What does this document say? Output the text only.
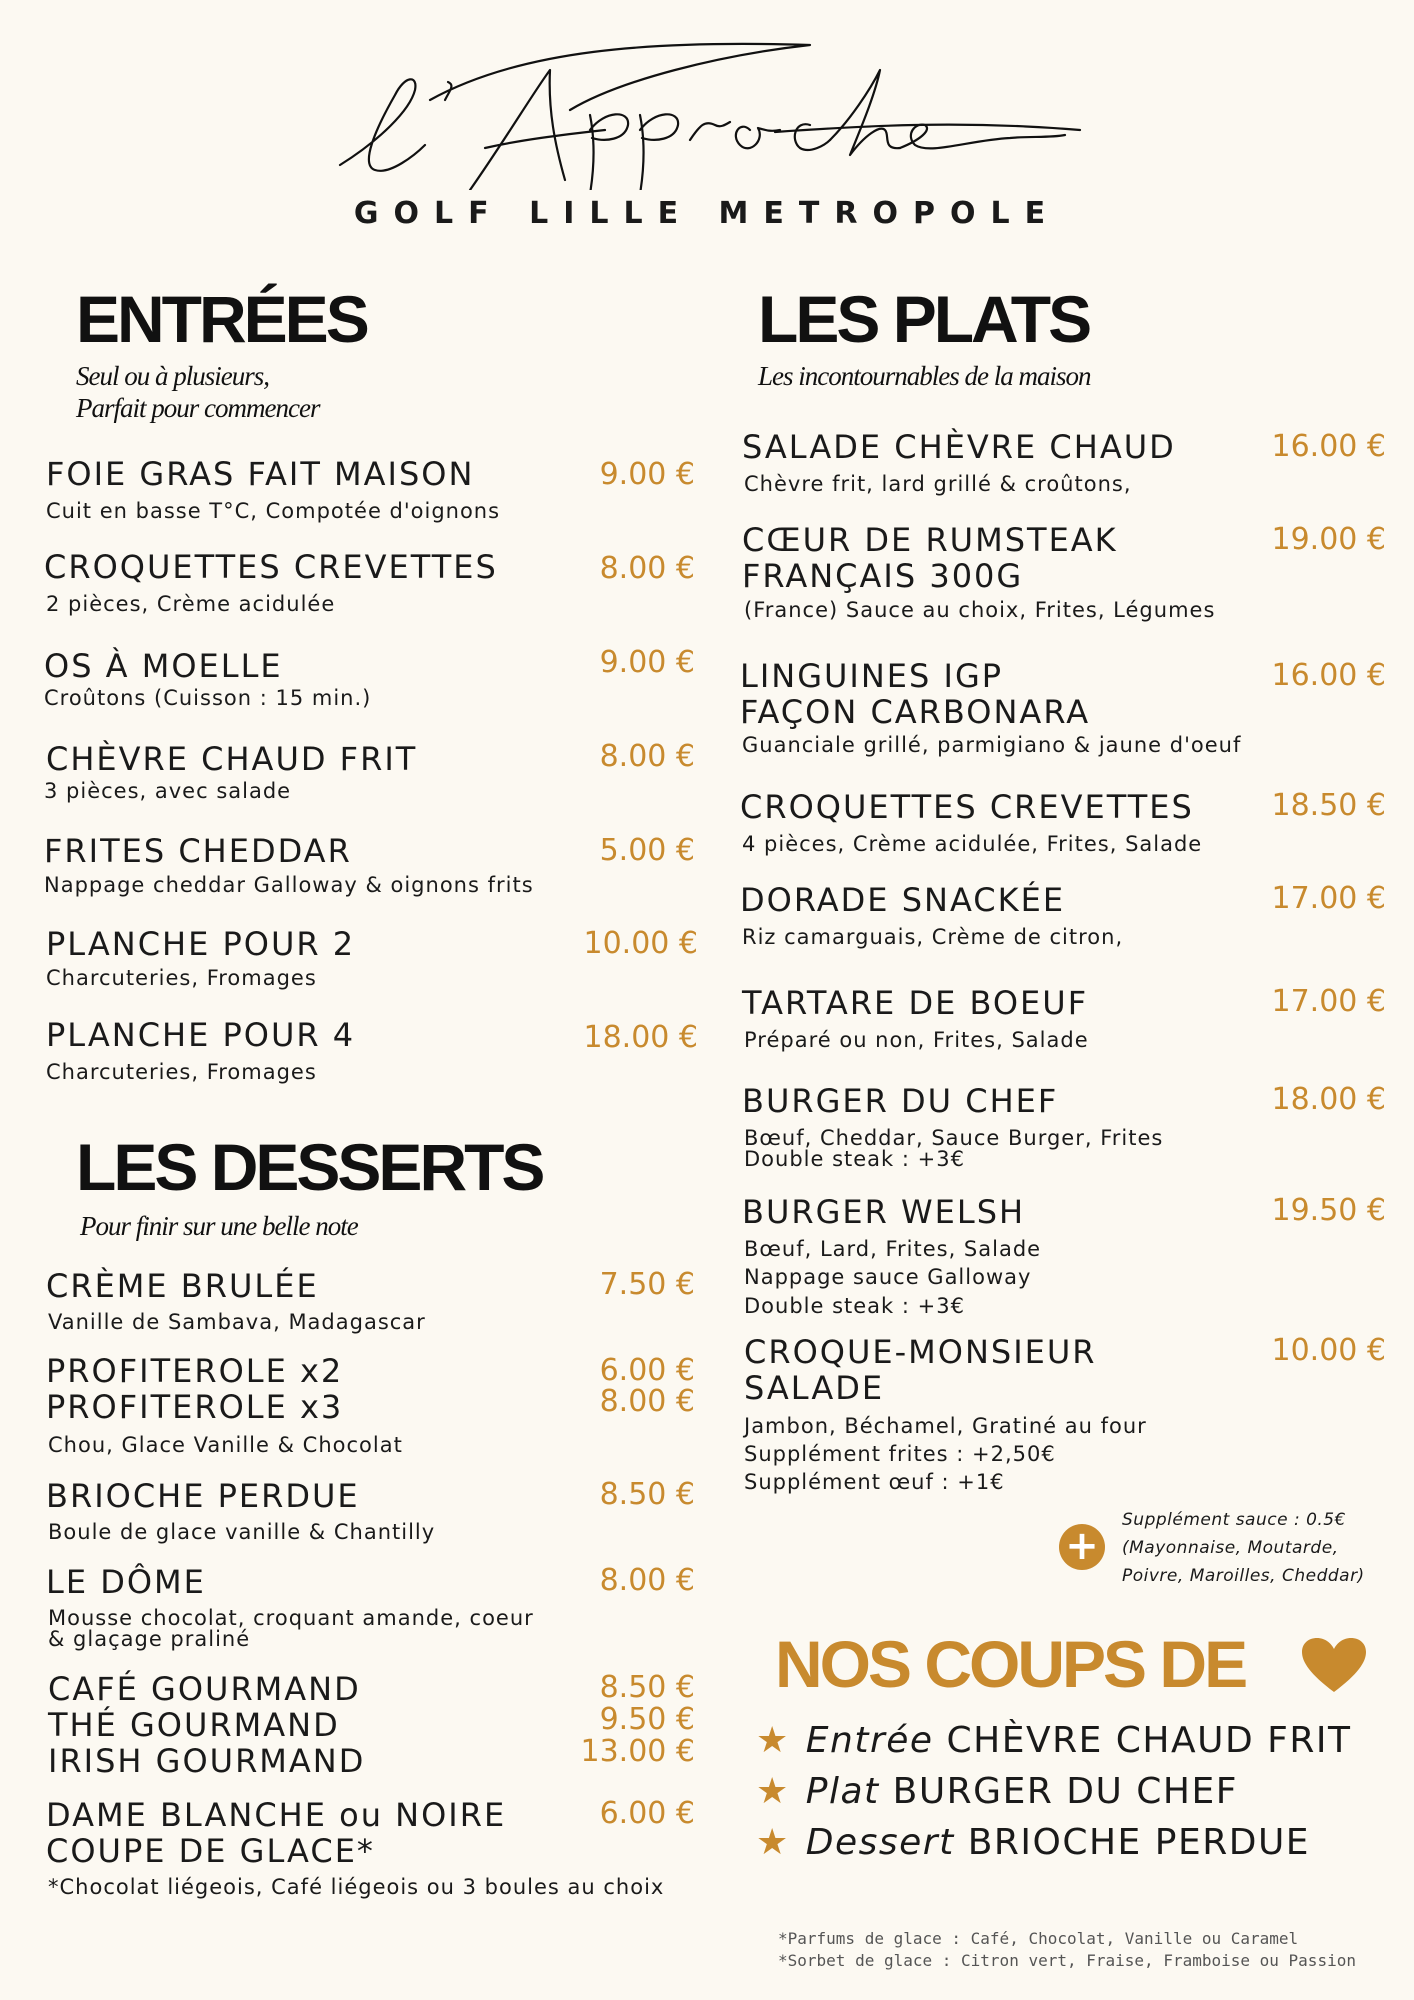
GOLF LILLE METROPOLE
ENTRÉES
Seul ou à plusieurs,
Parfait pour commencer
FOIE GRAS FAIT MAISON
Cuit en basse T°C, Compotée d'oignons
9.00 €
CROQUETTES CREVETTES
2 pièces, Crème acidulée
8.00 €
OS À MOELLE
Croûtons (Cuisson : 15 min.)
9.00 €
CHÈVRE CHAUD FRIT
3 pièces, avec salade
8.00 €
FRITES CHEDDAR
Nappage cheddar Galloway & oignons frits
5.00 €
PLANCHE POUR 2
Charcuteries, Fromages
10.00 €
PLANCHE POUR 4
Charcuteries, Fromages
18.00 €
LES DESSERTS
Pour finir sur une belle note
CRÈME BRULÉE
Vanille de Sambava, Madagascar
7.50 €
PROFITEROLE x2
PROFITEROLE x3
Chou, Glace Vanille & Chocolat
6.00 €
8.00 €
BRIOCHE PERDUE
Boule de glace vanille & Chantilly
8.50 €
LE DÔME
Mousse chocolat, croquant amande, coeur
& glaçage praliné
8.00 €
CAFÉ GOURMAND
THÉ GOURMAND
IRISH GOURMAND
8.50 €
9.50 €
13.00 €
DAME BLANCHE ou NOIRE
COUPE DE GLACE*
*Chocolat liégeois, Café liégeois ou 3 boules au choix
6.00 €
LES PLATS
Les incontournables de la maison
SALADE CHÈVRE CHAUD
Chèvre frit, lard grillé & croûtons,
16.00 €
CŒUR DE RUMSTEAK
FRANÇAIS 300G
(France) Sauce au choix, Frites, Légumes
19.00 €
LINGUINES IGP
FAÇON CARBONARA
Guanciale grillé, parmigiano & jaune d'oeuf
16.00 €
CROQUETTES CREVETTES
4 pièces, Crème acidulée, Frites, Salade
18.50 €
DORADE SNACKÉE
Riz camarguais, Crème de citron,
17.00 €
TARTARE DE BOEUF
Préparé ou non, Frites, Salade
17.00 €
BURGER DU CHEF
Bœuf, Cheddar, Sauce Burger, Frites
Double steak : +3€
18.00 €
BURGER WELSH
Bœuf, Lard, Frites, Salade
Nappage sauce Galloway
Double steak : +3€
19.50 €
CROQUE-MONSIEUR
SALADE
Jambon, Béchamel, Gratiné au four
Supplément frites : +2,50€
Supplément œuf : +1€
10.00 €
+
Supplément sauce : 0.5€
(Mayonnaise, Moutarde,
Poivre, Maroilles, Cheddar)
NOS COUPS DE
★ Entrée CHÈVRE CHAUD FRIT
★ Plat BURGER DU CHEF
★ Dessert BRIOCHE PERDUE
*Parfums de glace : Café, Chocolat, Vanille ou Caramel
*Sorbet de glace : Citron vert, Fraise, Framboise ou Passion
